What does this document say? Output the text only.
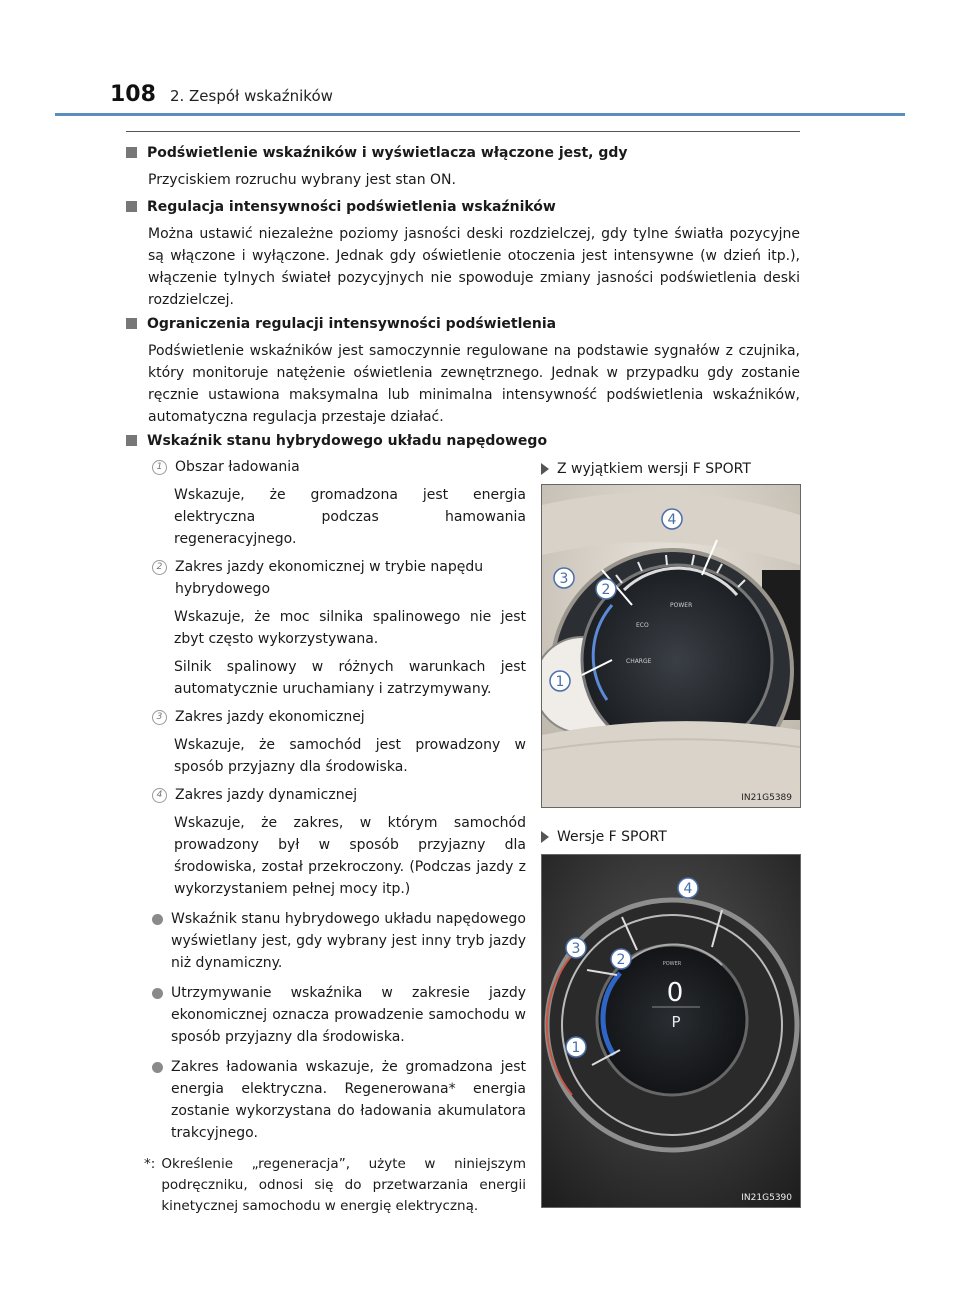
108 2. Zespół wskaźników
Podświetlenie wskaźników i wyświetlacza włączone jest, gdy
Przyciskiem rozruchu wybrany jest stan ON.
Regulacja intensywności podświetlenia wskaźników
Można ustawić niezależne poziomy jasności deski rozdzielczej, gdy tylne światła pozycyjne są włączone i wyłączone. Jednak gdy oświetlenie otoczenia jest intensywne (w dzień itp.), włączenie tylnych świateł pozycyjnych nie spowoduje zmiany jasności podświetlenia deski rozdzielczej.
Ograniczenia regulacji intensywności podświetlenia
Podświetlenie wskaźników jest samoczynnie regulowane na podstawie sygnałów z czujnika, który monitoruje natężenie oświetlenia zewnętrznego. Jednak w przypadku gdy zostanie ręcznie ustawiona maksymalna lub minimalna intensywność podświetlenia wskaźników, automatyczna regulacja przestaje działać.
Wskaźnik stanu hybrydowego układu napędowego
1 Obszar ładowania
Wskazuje, że gromadzona jest energia elektryczna podczas hamowania regeneracyjnego.
2 Zakres jazdy ekonomicznej w trybie napędu hybrydowego
Wskazuje, że moc silnika spalinowego nie jest zbyt często wykorzystywana.
Silnik spalinowy w różnych warunkach jest automatycznie uruchamiany i zatrzymywany.
3 Zakres jazdy ekonomicznej
Wskazuje, że samochód jest prowadzony w sposób przyjazny dla środowiska.
4 Zakres jazdy dynamicznej
Wskazuje, że zakres, w którym samochód prowadzony był w sposób przyjazny dla środowiska, został przekroczony. (Podczas jazdy z wykorzystaniem pełnej mocy itp.)
Wskaźnik stanu hybrydowego układu napędowego wyświetlany jest, gdy wybrany jest inny tryb jazdy niż dynamiczny.
Utrzymywanie wskaźnika w zakresie jazdy ekonomicznej oznacza prowadzenie samochodu w sposób przyjazny dla środowiska.
Zakres ładowania wskazuje, że gromadzona jest energia elektryczna. Regenerowana* energia zostanie wykorzystana do ładowania akumulatora trakcyjnego.
*: Określenie „regeneracja”, użyte w niniejszym podręczniku, odnosi się do przetwarzania energii kinetycznej samochodu w energię elektryczną.
Z wyjątkiem wersji F SPORT
POWER
ECO
CHARGE
1
2
3
4
IN21G5389
Wersje F SPORT
POWER
0
P
1
2
3
4
IN21G5390
